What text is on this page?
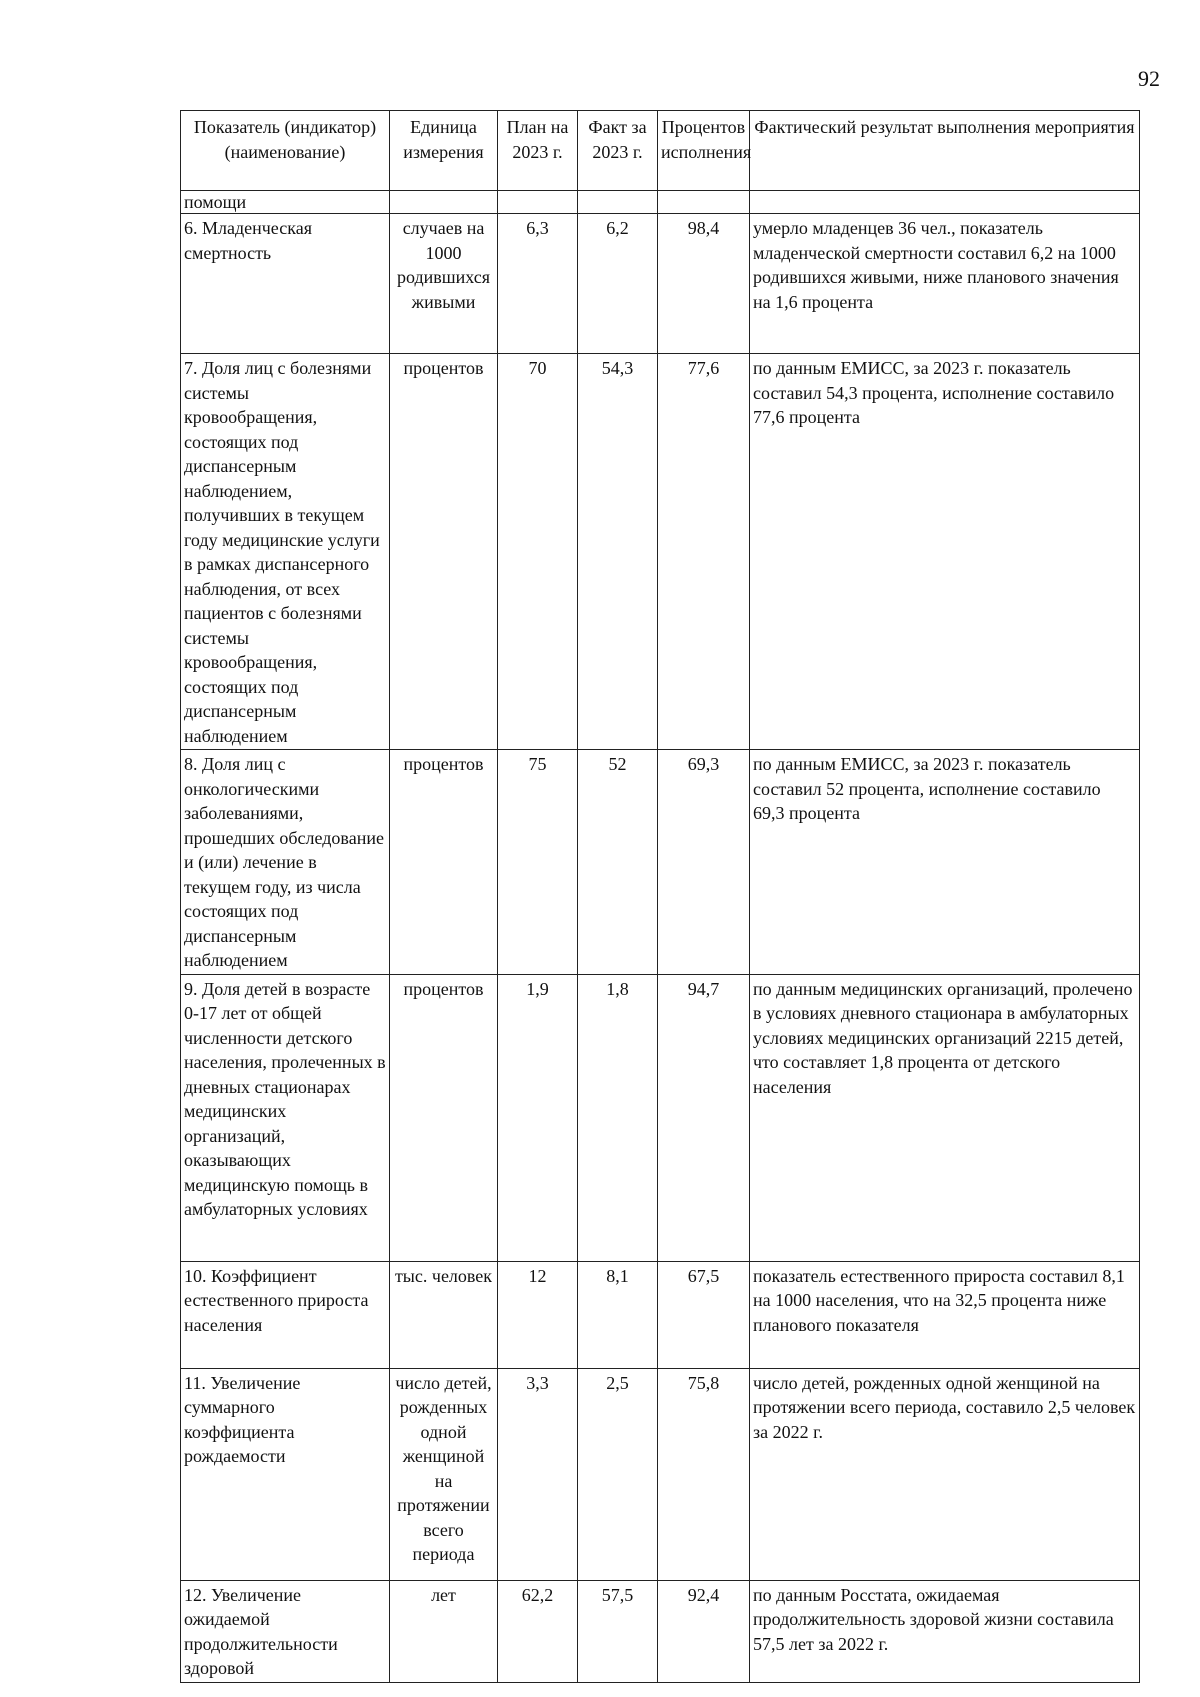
92
Показатель (индикатор) (наименование)	Единица измерения	План на 2023 г.	Факт за 2023 г.	Процентов исполнения	Фактический результат выполнения мероприятия
помощи					
6. Младенческая смертность	случаев на 1000 родившихся живыми	6,3	6,2	98,4	умерло младенцев 36 чел., показатель младенческой смертности составил 6,2 на 1000 родившихся живыми, ниже планового значения на 1,6 процента
7. Доля лиц с болезнями системы кровообращения, состоящих под диспансерным наблюдением, получивших в текущем году медицинские услуги в рамках диспансерного наблюдения, от всех пациентов с болезнями системы кровообращения, состоящих под диспансерным наблюдением	процентов	70	54,3	77,6	по данным ЕМИСС, за 2023 г. показатель составил 54,3 процента, исполнение составило 77,6 процента
8. Доля лиц с онкологическими заболеваниями, прошедших обследование и (или) лечение в текущем году, из числа состоящих под диспансерным наблюдением	процентов	75	52	69,3	по данным ЕМИСС, за 2023 г. показатель составил 52 процента, исполнение составило 69,3 процента
9. Доля детей в возрасте 0-17 лет от общей численности детского населения, пролеченных в дневных стационарах медицинских организаций, оказывающих медицинскую помощь в амбулаторных условиях	процентов	1,9	1,8	94,7	по данным медицинских организаций, пролечено в условиях дневного стационара в амбулаторных условиях медицинских организаций 2215 детей, что составляет 1,8 процента от детского населения
10. Коэффициент естественного прироста населения	тыс. человек	12	8,1	67,5	показатель естественного прироста составил 8,1 на 1000 населения, что на 32,5 процента ниже планового показателя
11. Увеличение суммарного коэффициента рождаемости	число детей, рожденных одной женщиной на протяжении всего периода	3,3	2,5	75,8	число детей, рожденных одной женщиной на протяжении всего периода, составило 2,5 человек за 2022 г.
12. Увеличение ожидаемой продолжительности здоровой	лет	62,2	57,5	92,4	по данным Росстата, ожидаемая продолжительность здоровой жизни составила 57,5 лет за 2022 г.
